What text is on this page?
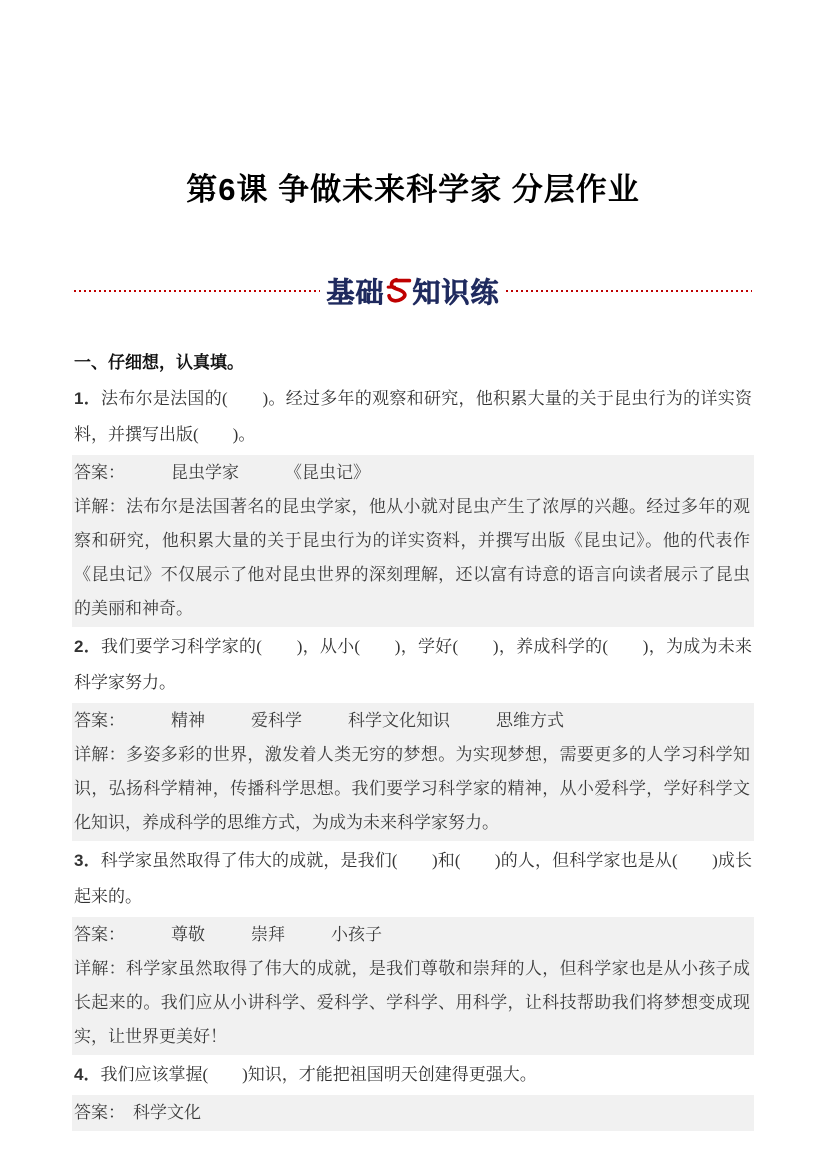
第6课 争做未来科学家 分层作业
基础 知识练

一、仔细想，认真填。

1．法布尔是法国的(　　)。经过多年的观察和研究，他积累大量的关于昆虫行为的详实资料，并撰写出版(　　)。

答案：	昆虫学家	《昆虫记》

详解：法布尔是法国著名的昆虫学家，他从小就对昆虫产生了浓厚的兴趣。经过多年的观察和研究，他积累大量的关于昆虫行为的详实资料，并撰写出版《昆虫记》。他的代表作《昆虫记》不仅展示了他对昆虫世界的深刻理解，还以富有诗意的语言向读者展示了昆虫的美丽和神奇。

2．我们要学习科学家的(　　)，从小(　　)，学好(　　)，养成科学的(　　)，为成为未来科学家努力。

答案：	精神	爱科学	科学文化知识	思维方式

详解：多姿多彩的世界，激发着人类无穷的梦想。为实现梦想，需要更多的人学习科学知识，弘扬科学精神，传播科学思想。我们要学习科学家的精神，从小爱科学，学好科学文化知识，养成科学的思维方式，为成为未来科学家努力。

3．科学家虽然取得了伟大的成就，是我们(　　)和(　　)的人，但科学家也是从(　　)成长起来的。

答案：	尊敬	崇拜	小孩子

详解：科学家虽然取得了伟大的成就，是我们尊敬和崇拜的人，但科学家也是从小孩子成长起来的。我们应从小讲科学、爱科学、学科学、用科学，让科技帮助我们将梦想变成现实，让世界更美好！

4．我们应该掌握(　　)知识，才能把祖国明天创建得更强大。

答案： 科学文化
